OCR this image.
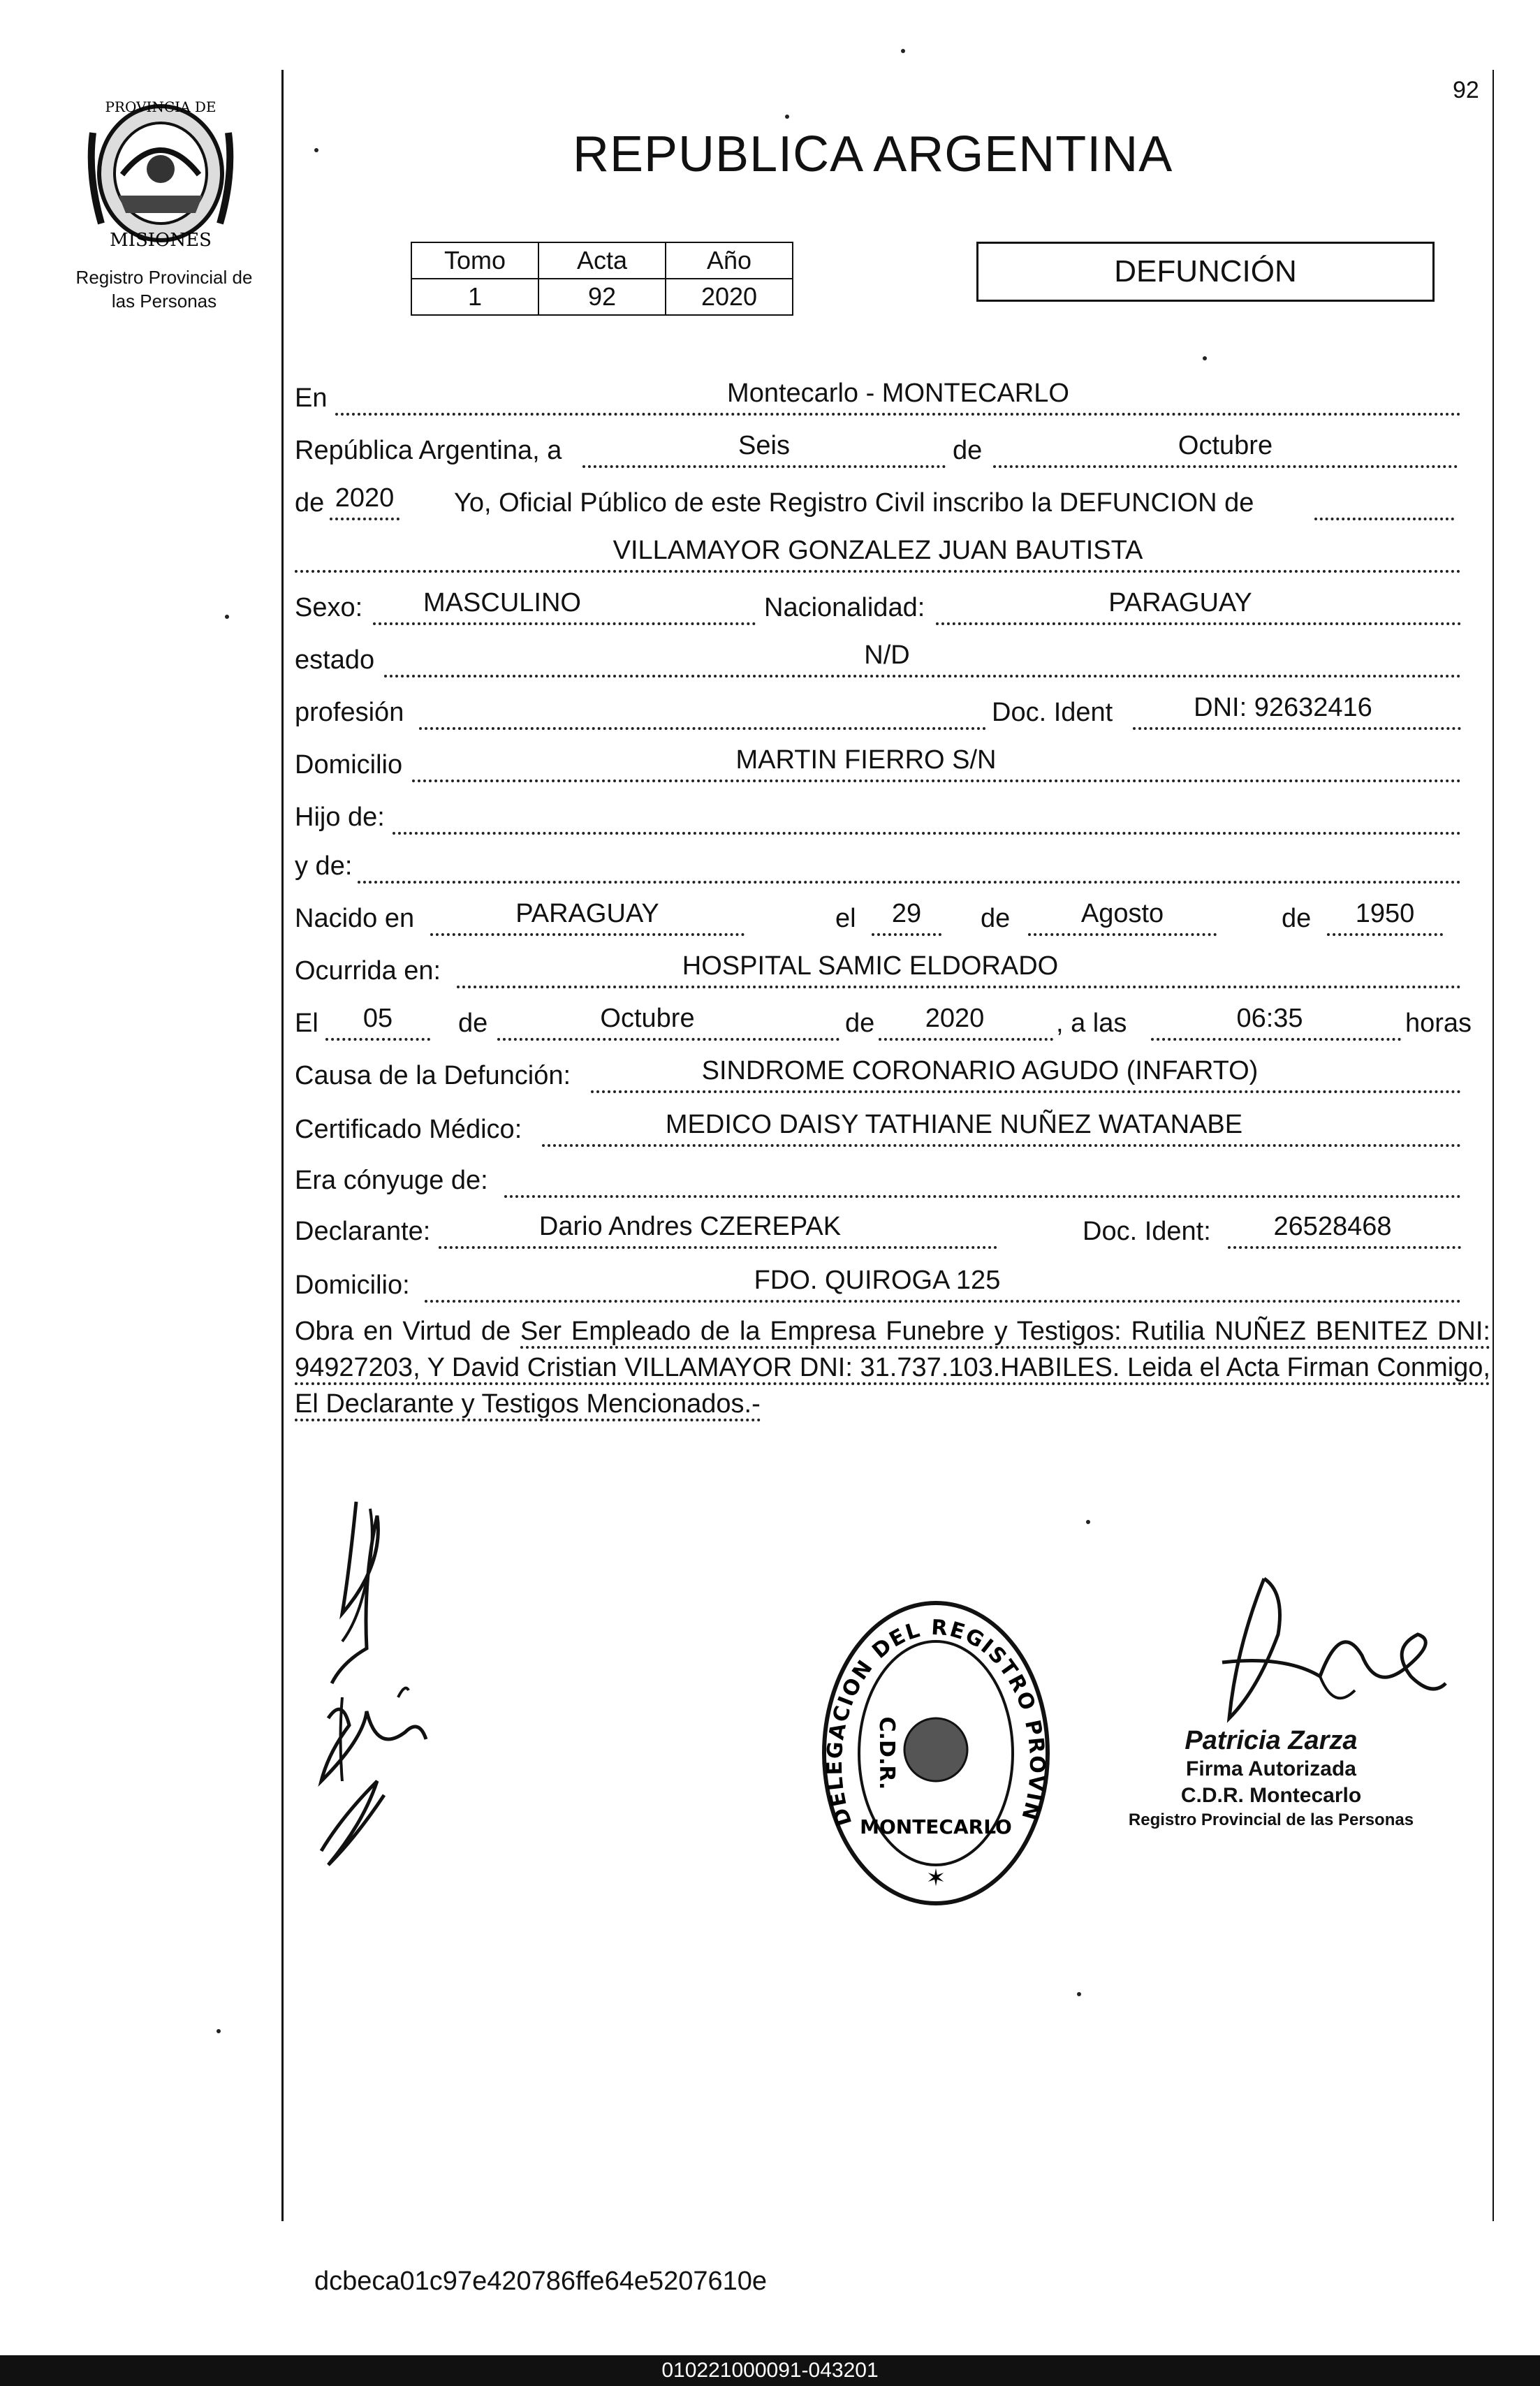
PROVINCIA DE
MISIONES
Registro Provincial de
las Personas
92
REPUBLICA ARGENTINA
Tomo	Acta	Año
1	92	2020
DEFUNCIÓN
En	Montecarlo - MONTECARLO
República Argentina, a	Seis	de	Octubre
de 2020 Yo, Oficial Público de este Registro Civil inscribo la DEFUNCION de
VILLAMAYOR GONZALEZ JUAN BAUTISTA
Sexo:	MASCULINO	Nacionalidad:	PARAGUAY
estado	N/D
profesión	Doc. Ident	DNI: 92632416
Domicilio	MARTIN FIERRO S/N
Hijo de:
y de:
Nacido en	PARAGUAY	el	29	de	Agosto	de	1950
Ocurrida en:	HOSPITAL SAMIC ELDORADO
El	05	de	Octubre	de	2020	, a las	06:35	horas
Causa de la Defunción:	SINDROME CORONARIO AGUDO (INFARTO)
Certificado Médico:	MEDICO DAISY TATHIANE NUÑEZ WATANABE
Era cónyuge de:
Declarante:	Dario Andres CZEREPAK	Doc. Ident:	26528468
Domicilio:	FDO. QUIROGA 125
Obra en Virtud de Ser Empleado de la Empresa Funebre y Testigos: Rutilia NUÑEZ BENITEZ DNI: 94927203, Y David Cristian VILLAMAYOR DNI: 31.737.103.HABILES. Leida el Acta Firman Conmigo, El Declarante y Testigos Mencionados.-
DELEGACION DEL REGISTRO PROVIN
C.D.R.
MONTECARLO
✶
Patricia Zarza
Firma Autorizada
C.D.R. Montecarlo
Registro Provincial de las Personas
dcbeca01c97e420786ffe64e5207610e
010221000091-043201
